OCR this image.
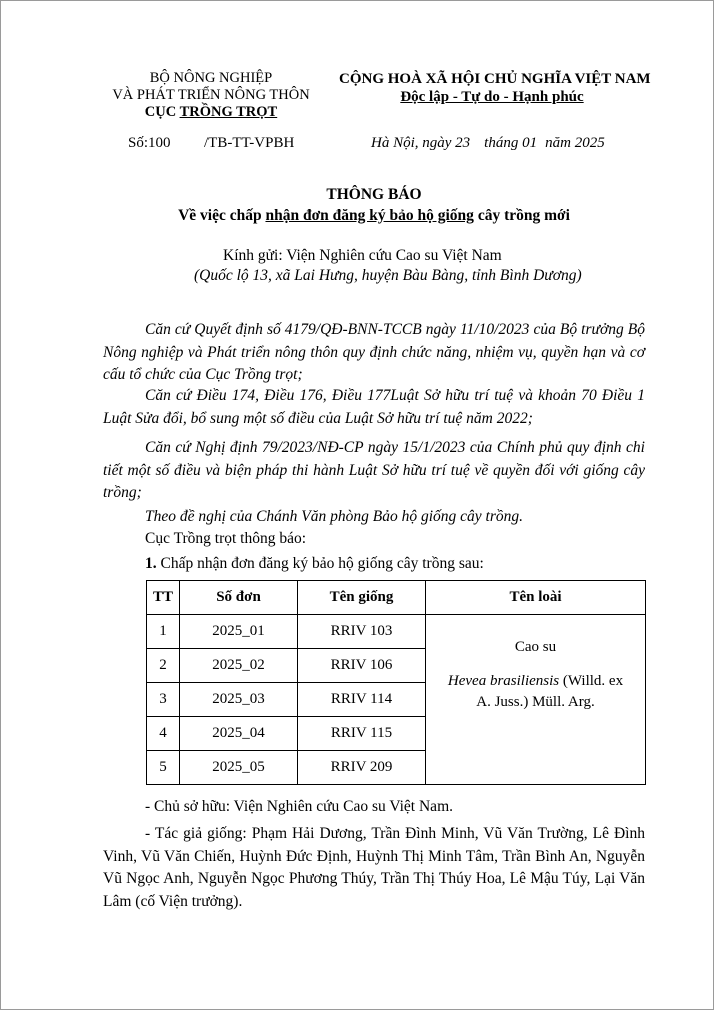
BỘ NÔNG NGHIỆP
VÀ PHÁT TRIỂN NÔNG THÔN
CỤC TRỒNG TRỌT
CỘNG HOÀ XÃ HỘI CHỦ NGHĨA VIỆT NAM
Độc lập - Tự do - Hạnh phúc
Số:100 /TB-TT-VPBH	Hà Nội, ngày 23 tháng 01 năm 2025
THÔNG BÁO
Về việc chấp nhận đơn đăng ký bảo hộ giống cây trồng mới
Kính gửi: Viện Nghiên cứu Cao su Việt Nam
(Quốc lộ 13, xã Lai Hưng, huyện Bàu Bàng, tỉnh Bình Dương)
Căn cứ Quyết định số 4179/QĐ-BNN-TCCB ngày 11/10/2023 của Bộ trưởng Bộ Nông nghiệp và Phát triển nông thôn quy định chức năng, nhiệm vụ, quyền hạn và cơ cấu tổ chức của Cục Trồng trọt;
Căn cứ Điều 174, Điều 176, Điều 177Luật Sở hữu trí tuệ và khoản 70 Điều 1 Luật Sửa đổi, bổ sung một số điều của Luật Sở hữu trí tuệ năm 2022;
Căn cứ Nghị định 79/2023/NĐ-CP ngày 15/1/2023 của Chính phủ quy định chi tiết một số điều và biện pháp thi hành Luật Sở hữu trí tuệ về quyền đối với giống cây trồng;
Theo đề nghị của Chánh Văn phòng Bảo hộ giống cây trồng.
Cục Trồng trọt thông báo:
1. Chấp nhận đơn đăng ký bảo hộ giống cây trồng sau:
TT	Số đơn	Tên giống	Tên loài
1	2025_01	RRIV 103	Cao su
Hevea brasiliensis (Willd. ex
A. Juss.) Müll. Arg.

2	2025_02	RRIV 106	
3	2025_03	RRIV 114	
4	2025_04	RRIV 115	
5	2025_05	RRIV 209	
- Chủ sở hữu: Viện Nghiên cứu Cao su Việt Nam.
- Tác giả giống: Phạm Hải Dương, Trần Đình Minh, Vũ Văn Trường, Lê Đình Vinh, Vũ Văn Chiến, Huỳnh Đức Định, Huỳnh Thị Minh Tâm, Trần Bình An, Nguyễn Vũ Ngọc Anh, Nguyễn Ngọc Phương Thúy, Trần Thị Thúy Hoa, Lê Mậu Túy, Lại Văn Lâm (cố Viện trưởng).
